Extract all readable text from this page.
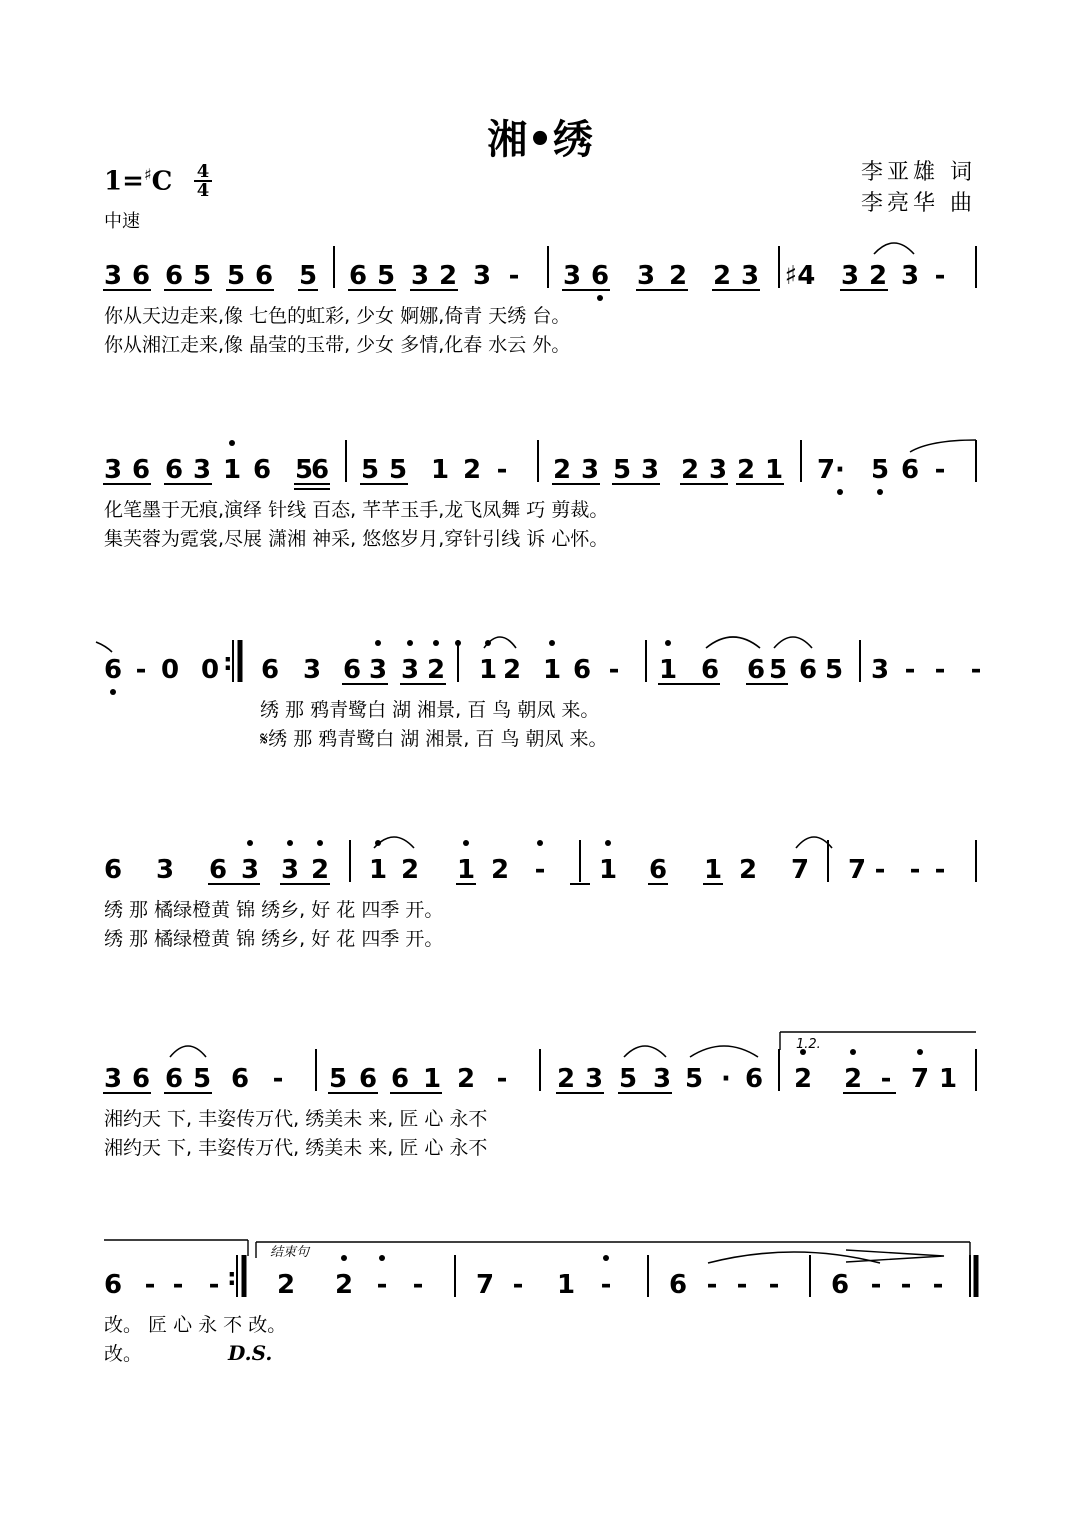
湘•绣
1=♯C 4
4
中速
李亚雄 词
李亮华 曲
3 6 6 5 5 6 5 6 5 3 2 3 - 3 6 3 2 2 3 ♯4 3 2 3 -
你从天边走来,像 七色的虹彩, 少女 婀娜,倚青 天绣 台。
你从湘江走来,像 晶莹的玉带, 少女 多情,化春 水云 外。
3 6 6 3 1 6 5
6 5 5 1 2 - 2 3 5 3 2 3 2 1 7 · 5 6 -
化笔墨于无痕,演绎 针线 百态, 芊芊玉手,龙飞凤舞 巧 剪裁。
集芙蓉为霓裳,尽展 潇湘 神采, 悠悠岁月,穿针引线 诉 心怀。
6 - 0 0 : 6 3 6 3 3 2 1 2 1 6 - 1 6 6 5 6 5 3 - - -
绣 那 鸦青鹭白 湖 湘景, 百 鸟 朝凤 来。
𝄋绣 那 鸦青鹭白 湖 湘景, 百 鸟 朝凤 来。
6 3 6 3 3 2 1 2 1 2 - 1 6 1 2 7 7 - - -
绣 那 橘绿橙黄 锦 绣乡, 好 花 四季 开。
绣 那 橘绿橙黄 锦 绣乡, 好 花 四季 开。
3 6 6 5 6 - 5 6 6 1 2 - 2 3 5 3 5 · 6 2 2 - 7 1
湘约天 下, 丰姿传万代, 绣美未 来, 匠 心 永不
湘约天 下, 丰姿传万代, 绣美未 来, 匠 心 永不
6 - - - : 2 2 - - 7 - 1 - 6 - - - 6 - - -
改。 匠 心 永 不 改。
改。
1.2.
结束句
D.S.
